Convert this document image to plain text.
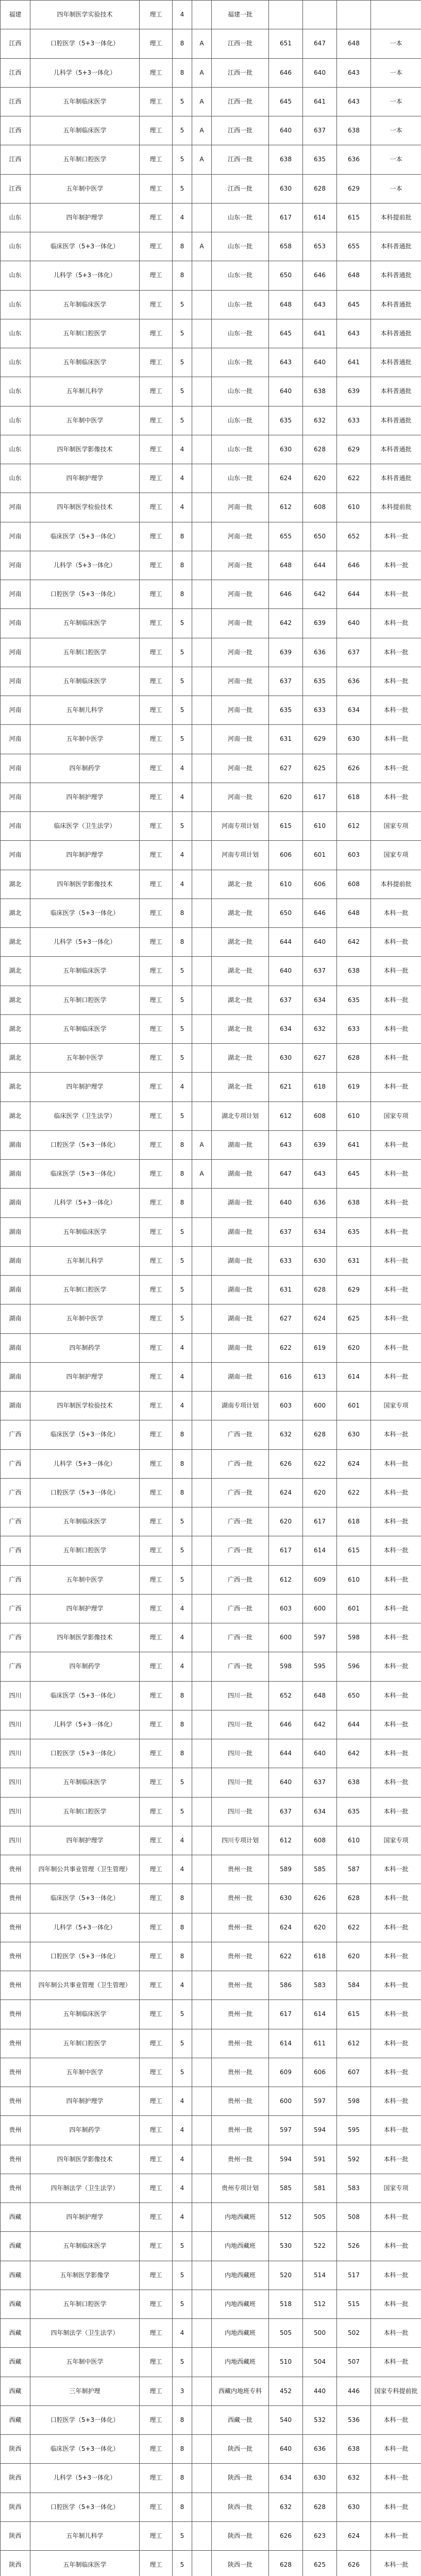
福建	四年制医学实验技术	理工	4		福建一批				
江西	口腔医学（5+3一体化）	理工	8	A	江西一批	651	647	648	一本
江西	儿科学（5+3一体化）	理工	8	A	江西一批	646	640	643	一本
江西	五年制临床医学	理工	5	A	江西一批	645	641	643	一本
江西	五年制临床医学	理工	5	A	江西一批	640	637	638	一本
江西	五年制口腔医学	理工	5	A	江西一批	638	635	636	一本
江西	五年制中医学	理工	5		江西一批	630	628	629	一本
山东	四年制护理学	理工	4		山东一批	617	614	615	本科提前批
山东	临床医学（5+3一体化）	理工	8	A	山东一批	658	653	655	本科普通批
山东	儿科学（5+3一体化）	理工	8		山东一批	650	646	648	本科普通批
山东	五年制临床医学	理工	5		山东一批	648	643	645	本科普通批
山东	五年制口腔医学	理工	5		山东一批	645	641	643	本科普通批
山东	五年制临床医学	理工	5		山东一批	643	640	641	本科普通批
山东	五年制儿科学	理工	5		山东一批	640	638	639	本科普通批
山东	五年制中医学	理工	5		山东一批	635	632	633	本科普通批
山东	四年制医学影像技术	理工	4		山东一批	630	628	629	本科普通批
山东	四年制护理学	理工	4		山东一批	624	620	622	本科普通批
河南	四年制医学检验技术	理工	4		河南一批	612	608	610	本科提前批
河南	临床医学（5+3一体化）	理工	8		河南一批	655	650	652	本科一批
河南	儿科学（5+3一体化）	理工	8		河南一批	648	644	646	本科一批
河南	口腔医学（5+3一体化）	理工	8		河南一批	646	642	644	本科一批
河南	五年制临床医学	理工	5		河南一批	642	639	640	本科一批
河南	五年制口腔医学	理工	5		河南一批	639	636	637	本科一批
河南	五年制临床医学	理工	5		河南一批	637	635	636	本科一批
河南	五年制儿科学	理工	5		河南一批	635	633	634	本科一批
河南	五年制中医学	理工	5		河南一批	631	629	630	本科一批
河南	四年制药学	理工	4		河南一批	627	625	626	本科一批
河南	四年制护理学	理工	4		河南一批	620	617	618	本科一批
河南	临床医学（卫生法学）	理工	5		河南专项计划	615	610	612	国家专项
河南	四年制护理学	理工	4		河南专项计划	606	601	603	国家专项
湖北	四年制医学影像技术	理工	4		湖北一批	610	606	608	本科提前批
湖北	临床医学（5+3一体化）	理工	8		湖北一批	650	646	648	本科一批
湖北	儿科学（5+3一体化）	理工	8		湖北一批	644	640	642	本科一批
湖北	五年制临床医学	理工	5		湖北一批	640	637	638	本科一批
湖北	五年制口腔医学	理工	5		湖北一批	637	634	635	本科一批
湖北	五年制临床医学	理工	5		湖北一批	634	632	633	本科一批
湖北	五年制中医学	理工	5		湖北一批	630	627	628	本科一批
湖北	四年制护理学	理工	4		湖北一批	621	618	619	本科一批
湖北	临床医学（卫生法学）	理工	5		湖北专项计划	612	608	610	国家专项
湖南	口腔医学（5+3一体化）	理工	8	A	湖南一批	643	639	641	本科一批
湖南	临床医学（5+3一体化）	理工	8	A	湖南一批	647	643	645	本科一批
湖南	儿科学（5+3一体化）	理工	8		湖南一批	640	636	638	本科一批
湖南	五年制临床医学	理工	5		湖南一批	637	634	635	本科一批
湖南	五年制儿科学	理工	5		湖南一批	633	630	631	本科一批
湖南	五年制口腔医学	理工	5		湖南一批	631	628	629	本科一批
湖南	五年制中医学	理工	5		湖南一批	627	624	625	本科一批
湖南	四年制药学	理工	4		湖南一批	622	619	620	本科一批
湖南	四年制护理学	理工	4		湖南一批	616	613	614	本科一批
湖南	四年制医学检验技术	理工	4		湖南专项计划	603	600	601	国家专项
广西	临床医学（5+3一体化）	理工	8		广西一批	632	628	630	本科一批
广西	儿科学（5+3一体化）	理工	8		广西一批	626	622	624	本科一批
广西	口腔医学（5+3一体化）	理工	8		广西一批	624	620	622	本科一批
广西	五年制临床医学	理工	5		广西一批	620	617	618	本科一批
广西	五年制口腔医学	理工	5		广西一批	617	614	615	本科一批
广西	五年制中医学	理工	5		广西一批	612	609	610	本科一批
广西	四年制护理学	理工	4		广西一批	603	600	601	本科一批
广西	四年制医学影像技术	理工	4		广西一批	600	597	598	本科一批
广西	四年制药学	理工	4		广西一批	598	595	596	本科一批
四川	临床医学（5+3一体化）	理工	8		四川一批	652	648	650	本科一批
四川	儿科学（5+3一体化）	理工	8		四川一批	646	642	644	本科一批
四川	口腔医学（5+3一体化）	理工	8		四川一批	644	640	642	本科一批
四川	五年制临床医学	理工	5		四川一批	640	637	638	本科一批
四川	五年制口腔医学	理工	5		四川一批	637	634	635	本科一批
四川	四年制护理学	理工	4		四川专项计划	612	608	610	国家专项
贵州	四年制公共事业管理（卫生管理）	理工	4		贵州一批	589	585	587	本科一批
贵州	临床医学（5+3一体化）	理工	8		贵州一批	630	626	628	本科一批
贵州	儿科学（5+3一体化）	理工	8		贵州一批	624	620	622	本科一批
贵州	口腔医学（5+3一体化）	理工	8		贵州一批	622	618	620	本科一批
贵州	四年制公共事业管理（卫生管理）	理工	4		贵州一批	586	583	584	本科一批
贵州	五年制临床医学	理工	5		贵州一批	617	614	615	本科一批
贵州	五年制口腔医学	理工	5		贵州一批	614	611	612	本科一批
贵州	五年制中医学	理工	5		贵州一批	609	606	607	本科一批
贵州	四年制护理学	理工	4		贵州一批	600	597	598	本科一批
贵州	四年制药学	理工	4		贵州一批	597	594	595	本科一批
贵州	四年制医学影像技术	理工	4		贵州一批	594	591	592	本科一批
贵州	四年制法学（卫生法学）	理工	4		贵州专项计划	585	581	583	国家专项
西藏	四年制护理学	理工	4		内地西藏班	512	505	508	本科一批
西藏	五年制临床医学	理工	5		内地西藏班	530	522	526	本科一批
西藏	五年制医学影像学	理工	5		内地西藏班	520	514	517	本科一批
西藏	五年制口腔医学	理工	5		内地西藏班	518	512	515	本科一批
西藏	四年制法学（卫生法学）	理工	4		内地西藏班	505	500	502	本科一批
西藏	五年制中医学	理工	5		内地西藏班	510	504	507	本科一批
西藏	三年制护理	理工	3		西藏内地班专科	452	440	446	国家专科提前批
西藏	口腔医学（5+3一体化）	理工	8		西藏一批	540	532	536	本科一批
陕西	临床医学（5+3一体化）	理工	8		陕西一批	640	636	638	本科一批
陕西	儿科学（5+3一体化）	理工	8		陕西一批	634	630	632	本科一批
陕西	口腔医学（5+3一体化）	理工	8		陕西一批	632	628	630	本科一批
陕西	五年制儿科学	理工	5		陕西一批	626	623	624	本科一批
陕西	五年制临床医学	理工	5		陕西一批	628	625	626	本科一批
